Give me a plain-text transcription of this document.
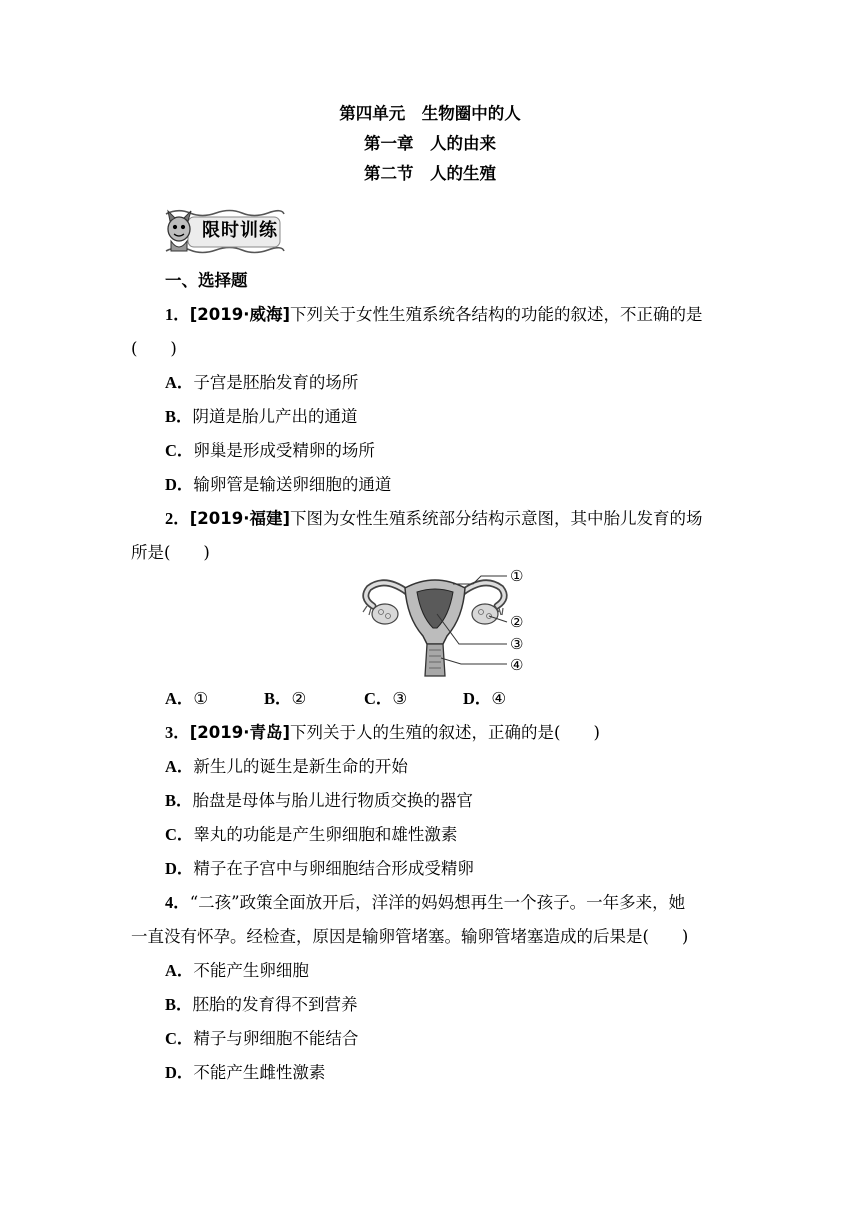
第四单元　生物圈中的人
第一章　人的由来
第二节　人的生殖
限时训练
一、选择题
1．[2019·威海]下列关于女性生殖系统各结构的功能的叙述，不正确的是
(　　)
A．子宫是胚胎发育的场所
B．阴道是胎儿产出的通道
C．卵巢是形成受精卵的场所
D．输卵管是输送卵细胞的通道
2．[2019·福建]下图为女性生殖系统部分结构示意图，其中胎儿发育的场
所是(　　)
①
②
③
④
A．①	B．②	C．③	D．④
3．[2019·青岛]下列关于人的生殖的叙述，正确的是(　　)
A．新生儿的诞生是新生命的开始
B．胎盘是母体与胎儿进行物质交换的器官
C．睾丸的功能是产生卵细胞和雄性激素
D．精子在子宫中与卵细胞结合形成受精卵
4．“二孩”政策全面放开后，洋洋的妈妈想再生一个孩子。一年多来，她
一直没有怀孕。经检查，原因是输卵管堵塞。输卵管堵塞造成的后果是(　　)
A．不能产生卵细胞
B．胚胎的发育得不到营养
C．精子与卵细胞不能结合
D．不能产生雌性激素
